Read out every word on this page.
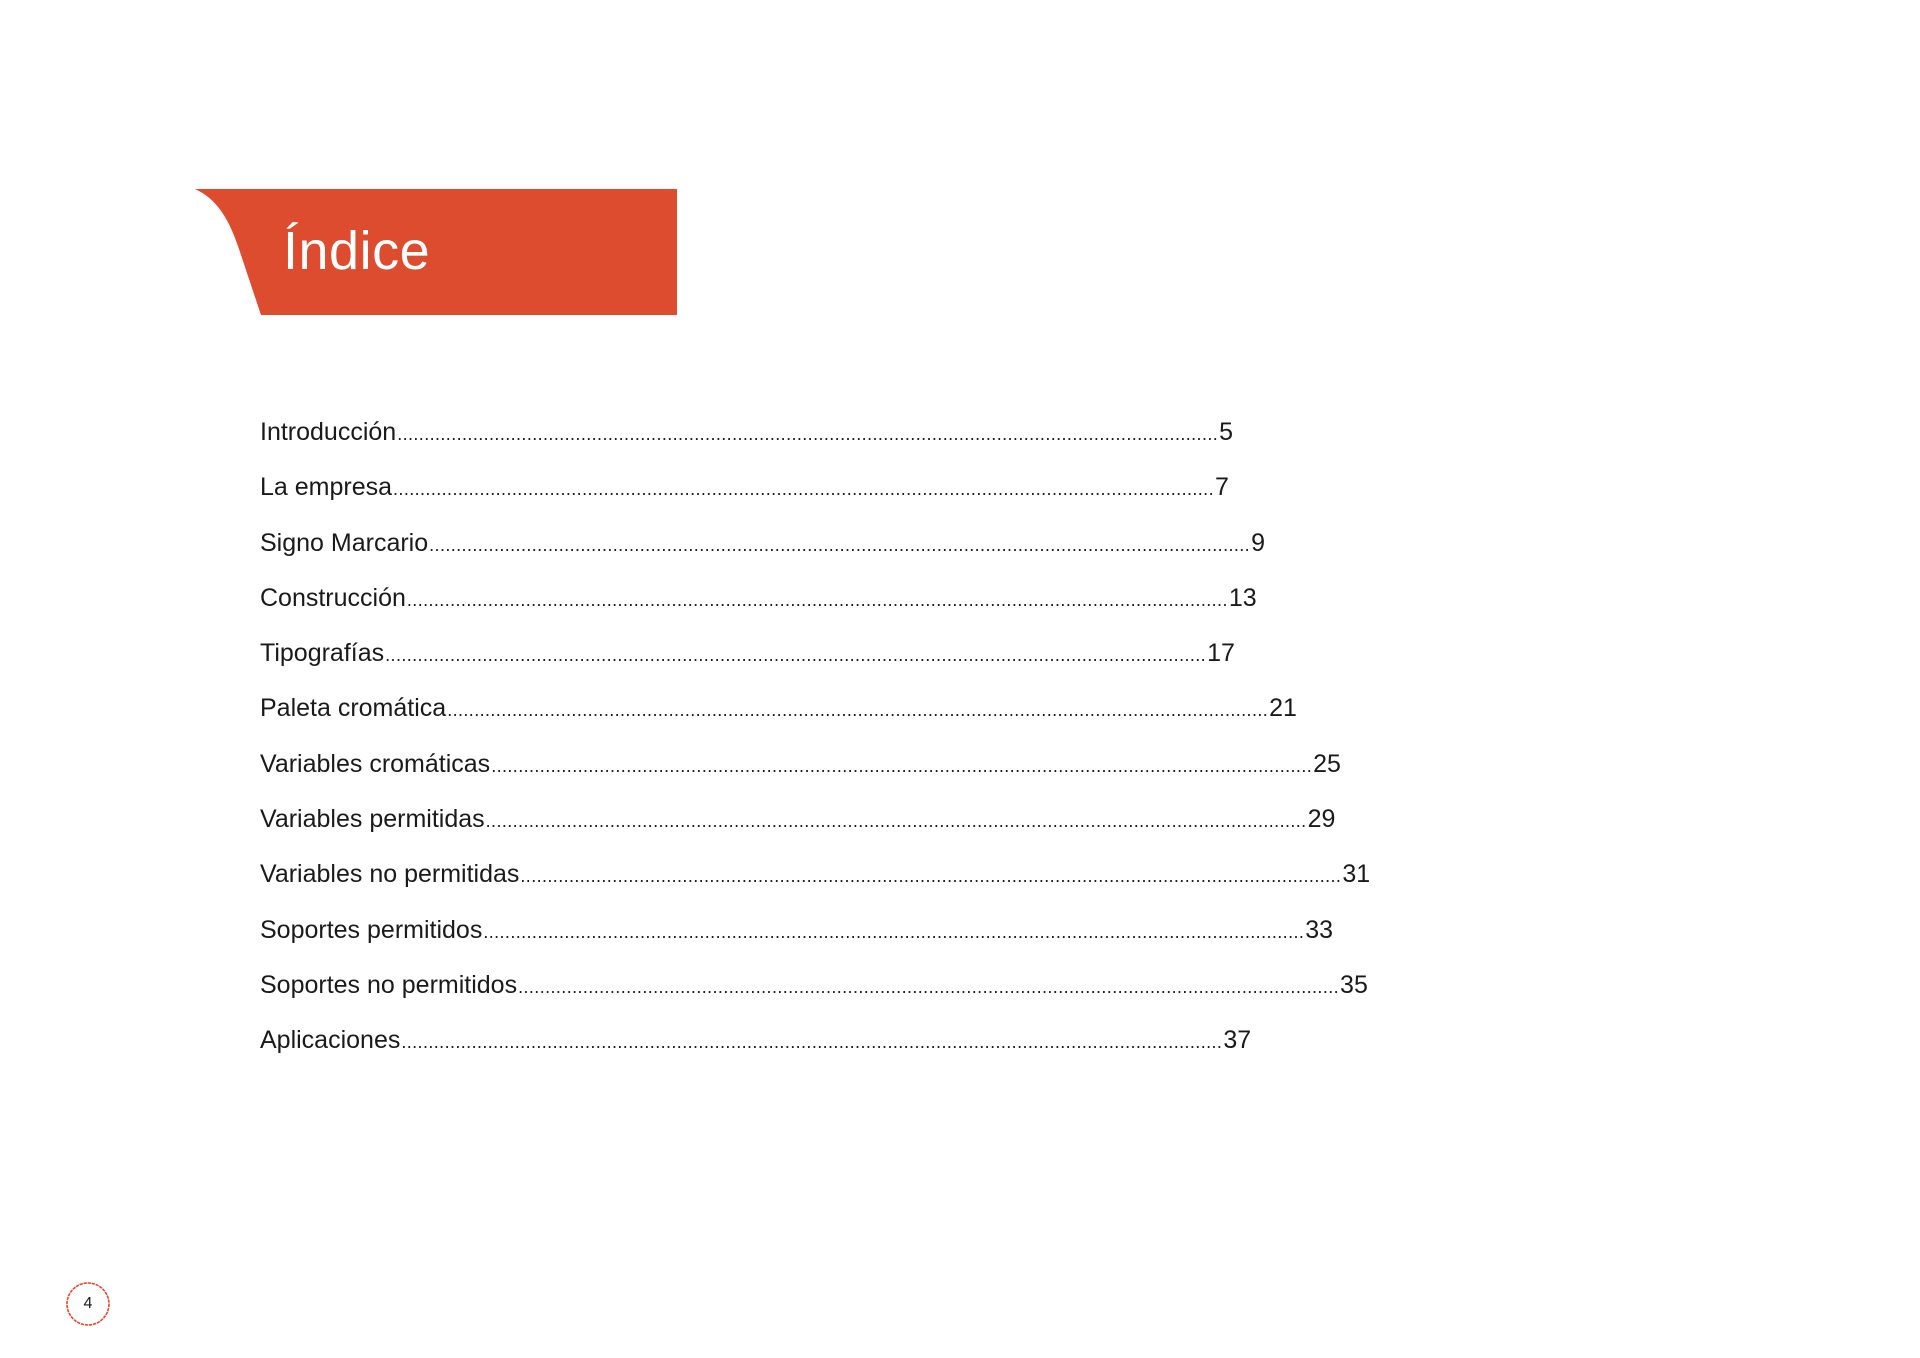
Índice
Introducción ........................................................................................................................................................ 5
La empresa ........................................................................................................................................................ 7
Signo Marcario ........................................................................................................................................................ 9
Construcción ........................................................................................................................................................ 13
Tipografías ........................................................................................................................................................ 17
Paleta cromática ........................................................................................................................................................ 21
Variables cromáticas ........................................................................................................................................................ 25
Variables permitidas ........................................................................................................................................................ 29
Variables no permitidas ........................................................................................................................................................ 31
Soportes permitidos ........................................................................................................................................................ 33
Soportes no permitidos ........................................................................................................................................................ 35
Aplicaciones ........................................................................................................................................................ 37
4
